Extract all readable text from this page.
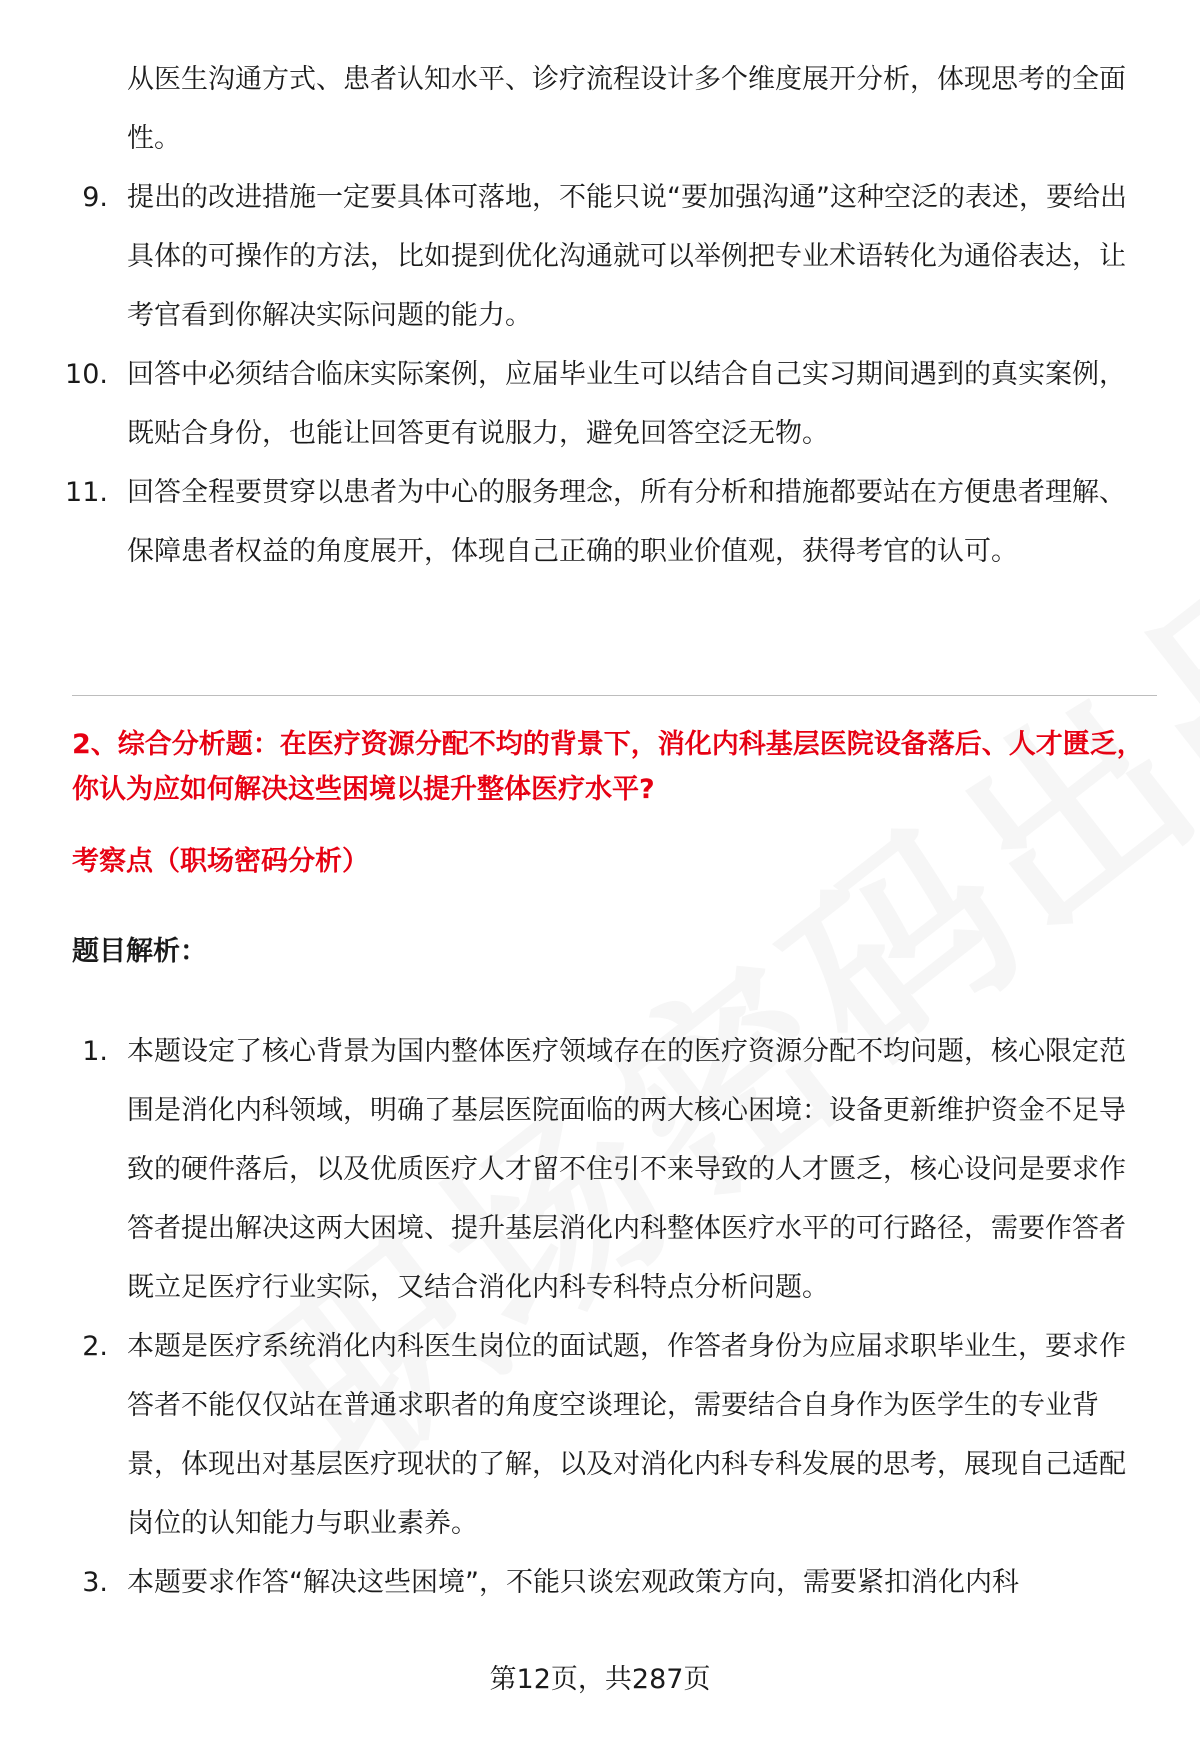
从医生沟通方式、患者认知水平、诊疗流程设计多个维度展开分析，体现思考的全面性。

9. 提出的改进措施一定要具体可落地，不能只说“要加强沟通”这种空泛的表述，要给出具体的可操作的方法，比如提到优化沟通就可以举例把专业术语转化为通俗表达，让考官看到你解决实际问题的能力。
10. 回答中必须结合临床实际案例，应届毕业生可以结合自己实习期间遇到的真实案例，既贴合身份，也能让回答更有说服力，避免回答空泛无物。
11. 回答全程要贯穿以患者为中心的服务理念，所有分析和措施都要站在方便患者理解、保障患者权益的角度展开，体现自己正确的职业价值观，获得考官的认可。

2、综合分析题：在医疗资源分配不均的背景下，消化内科基层医院设备落后、人才匮乏，你认为应如何解决这些困境以提升整体医疗水平?

考察点（职场密码分析）

题目解析：

1. 本题设定了核心背景为国内整体医疗领域存在的医疗资源分配不均问题，核心限定范围是消化内科领域，明确了基层医院面临的两大核心困境：设备更新维护资金不足导致的硬件落后，以及优质医疗人才留不住引不来导致的人才匮乏，核心设问是要求作答者提出解决这两大困境、提升基层消化内科整体医疗水平的可行路径，需要作答者既立足医疗行业实际，又结合消化内科专科特点分析问题。
2. 本题是医疗系统消化内科医生岗位的面试题，作答者身份为应届求职毕业生，要求作答者不能仅仅站在普通求职者的角度空谈理论，需要结合自身作为医学生的专业背景，体现出对基层医疗现状的了解，以及对消化内科专科发展的思考，展现自己适配岗位的认知能力与职业素养。
3. 本题要求作答“解决这些困境”，不能只谈宏观政策方向，需要紧扣消化内科
第12页，共287页
